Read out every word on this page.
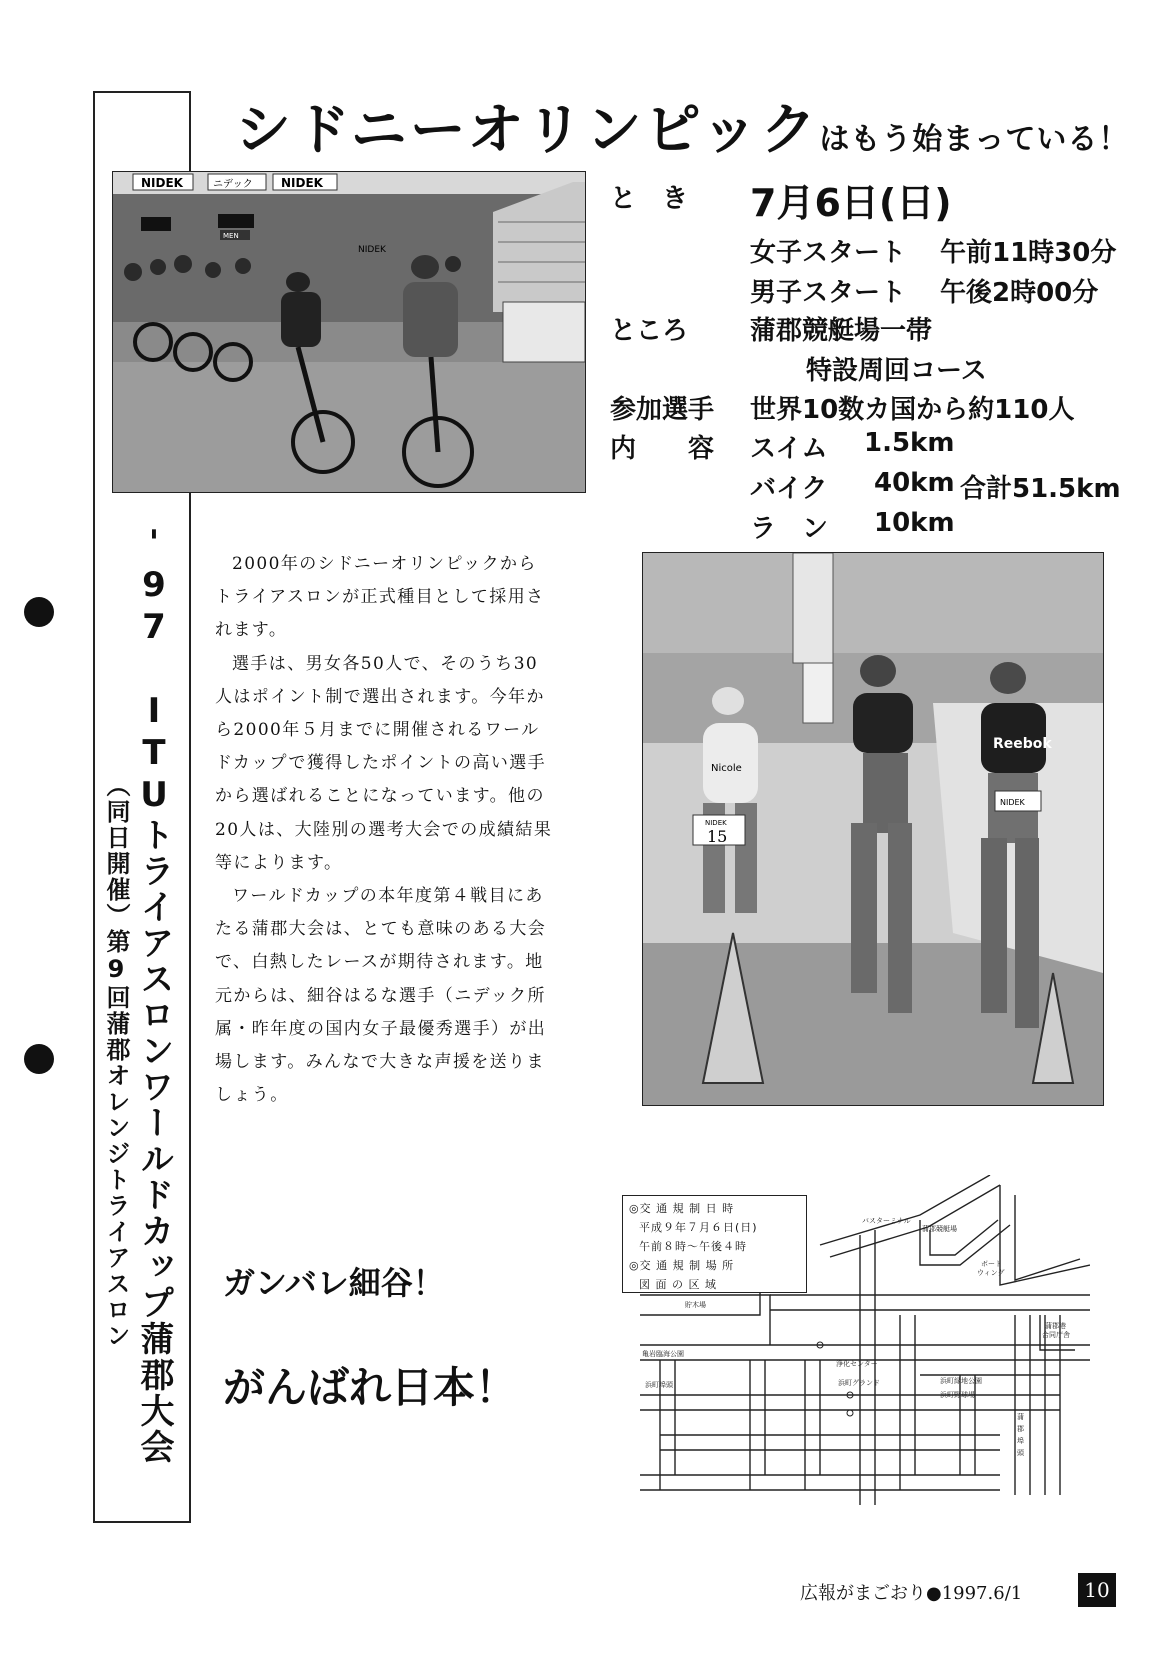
'97 ITUトライアスロンワールドカップ蒲郡大会
（同日開催）第9回蒲郡オレンジトライアスロン
シドニーオリンピックはもう始まっている！
NIDEK	ニデック NIDEK
MEN
NIDEK
と　き 7月6日(日)
女子スタート 午前11時30分
男子スタート 午後2時00分
ところ 蒲郡競艇場一帯
特設周回コース
参加選手 世界10数カ国から約110人
内　　容 スイム 1.5km
バイク 40km 合計51.5km
ラ　ン 10km

2000年のシドニーオリンピックからトライアスロンが正式種目として採用されます。

選手は、男女各50人で、そのうち30人はポイント制で選出されます。今年から2000年５月までに開催されるワールドカップで獲得したポイントの高い選手から選ばれることになっています。他の20人は、大陸別の選考大会での成績結果等によります。

ワールドカップの本年度第４戦目にあたる蒲郡大会は、とても意味のある大会で、白熱したレースが期待されます。地元からは、細谷はるな選手（ニデック所属・昨年度の国内女子最優秀選手）が出場します。みんなで大きな声援を送りましょう。

Reebok
NIDEK
15
Nicole
NIDEK
ガンバレ細谷！
がんばれ日本！
バスターミナル
蒲郡競艇場
ボート
ウィング
貯木場
蒲郡港
合同庁舎
亀岩臨海公園
浜町埠頭
浄化センター
浜町グランド	浜町緑地公園
浜町野球場
蒲
郡
埠
頭
◎交 通 規 制 日 時
平成９年７月６日(日)
午前８時～午後４時
◎交 通 規 制 場 所
図 面 の 区 域
広報がまごおり●1997.6/1	10
